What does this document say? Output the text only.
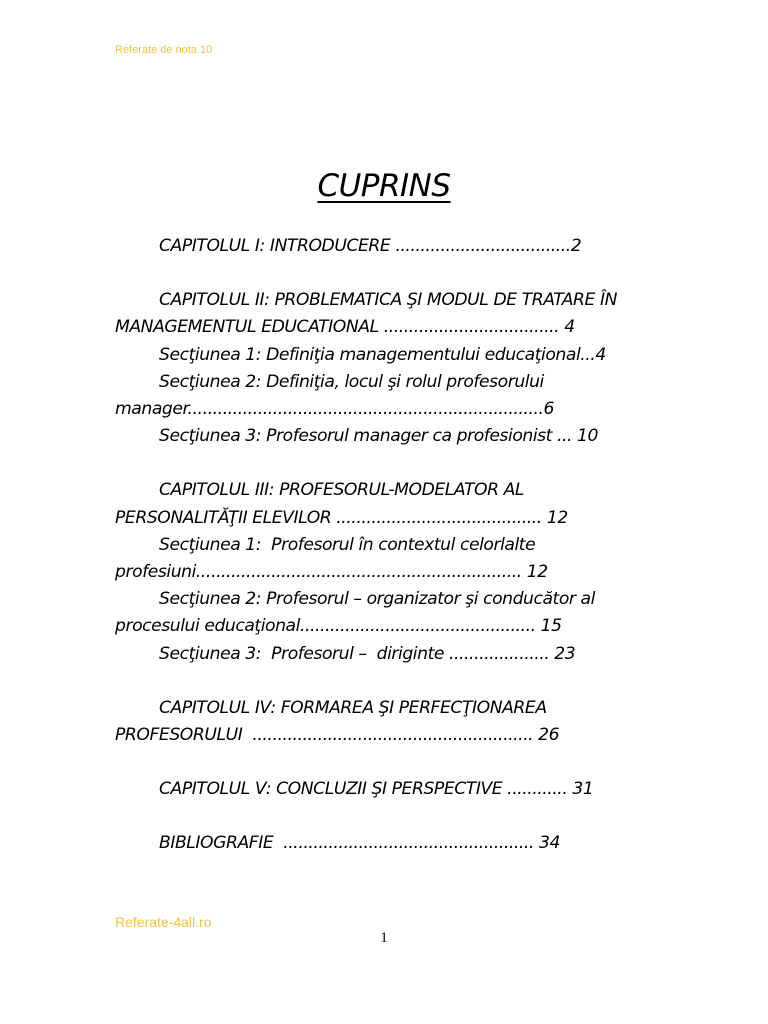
Referate de nota 10
CUPRINS

CAPITOLUL I: INTRODUCERE ...................................2

CAPITOLUL II: PROBLEMATICA ŞI MODUL DE TRATARE ÎN

MANAGEMENTUL EDUCATIONAL ................................... 4

Secţiunea 1: Definiţia managementului educaţional...4

Secţiunea 2: Definiţia, locul şi rolul profesorului

manager.......................................................................6

Secţiunea 3: Profesorul manager ca profesionist ... 10

CAPITOLUL III: PROFESORUL-MODELATOR AL

PERSONALITĂŢII ELEVILOR ......................................... 12

Secţiunea 1:  Profesorul în contextul celorlalte

profesiuni................................................................. 12

Secţiunea 2: Profesorul – organizator şi conducător al

procesului educaţional............................................... 15

Secţiunea 3:  Profesorul –  diriginte .................... 23

CAPITOLUL IV: FORMAREA ŞI PERFECŢIONAREA

PROFESORULUI  ........................................................ 26

CAPITOLUL V: CONCLUZII ŞI PERSPECTIVE ............ 31

BIBLIOGRAFIE  .................................................. 34

Referate-4all.ro
1
